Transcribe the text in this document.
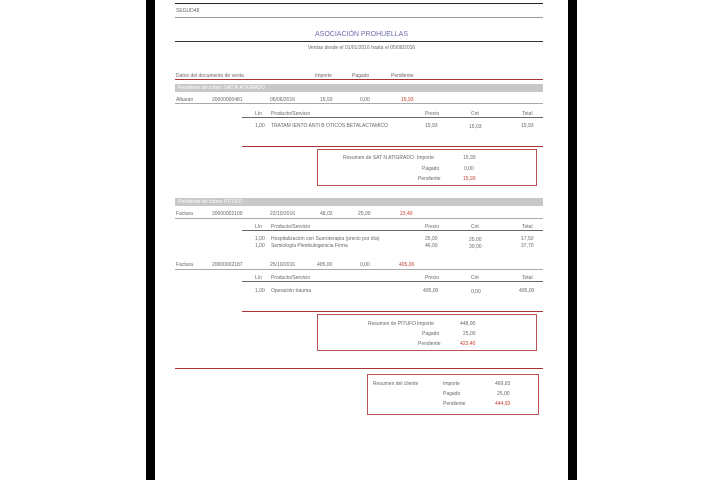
SEGUD48
ASOCIACIÓN PROHUELLAS
Ventas desde el 01/01/2016 hasta el 05/08/2016
Datos del documento de venta	Importe	Pagado	Pendiente
Pendiente de cobro: SAT N ATIGRADO
Albarán	20000000481	05/06/2016	15,93	0,00	15,93
Lín Producto/Servicio	Precio	Cnt	Total
1,00 TRATAM IENTO ANTI B OTICOS BETALACTAMICO	15,93	15,03	15,93
Resumen de SAT N ATIGRADO Importe	15,93
Pagado	0,00
Pendiente	15,93
Pendiente de cobro: PITUFO
Factura	20000002109	22/10/2016	48,02	25,00	23,40
Lín Producto/Servicio	Precio	Cnt	Total
1,00 Hospitalización con Sueroterapia (precio por día)	25,00	25,00	17,50
1,00 Semiología Plenikulogenicia Firma	46,00	30,00	37,70
Factura	20000002187	25/10/2016	405,00	0,00	405,00
Lín Producto/Servicio	Precio	Cnt	Total
1,00 Operación trauma	405,00	0,00	405,00
Resumen de PITUFO Importe	448,00
Pagado	25,00
Pendiente	423,40
Resumen del cliente	Importe	469,93
Pagado	25,00
Pendiente	444,93
